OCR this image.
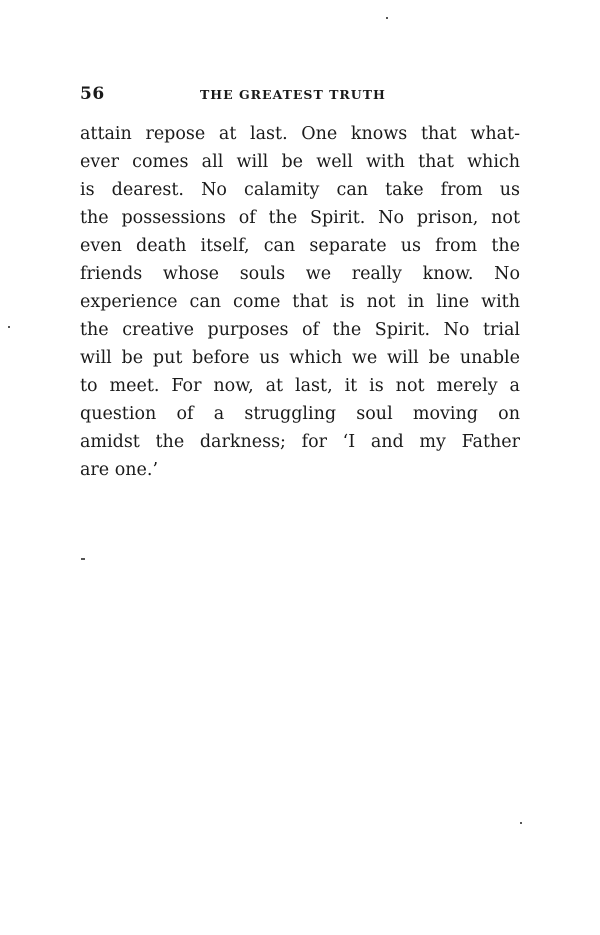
56	THE GREATEST TRUTH
attain repose at last. One knows that what-
ever comes all will be well with that which
is dearest. No calamity can take from us
the possessions of the Spirit. No prison, not
even death itself, can separate us from the
friends whose souls we really know. No
experience can come that is not in line with
the creative purposes of the Spirit. No trial
will be put before us which we will be unable
to meet. For now, at last, it is not merely a
question of a struggling soul moving on
amidst the darkness; for ‘I and my Father
are one.’
